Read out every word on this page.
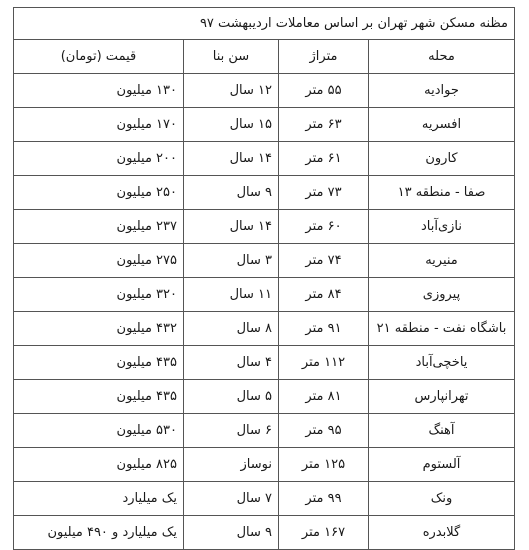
مظنه مسکن شهر تهران بر اساس معاملات اردیبهشت ۹۷			
محله	متراژ	سن بنا	قیمت (تومان)
جوادیه	۵۵ متر	۱۲ سال	۱۳۰ میلیون
افسریه	۶۳ متر	۱۵ سال	۱۷۰ میلیون
کارون	۶۱ متر	۱۴ سال	۲۰۰ میلیون
صفا - منطقه ۱۳	۷۳ متر	۹ سال	۲۵۰ میلیون
نازی‌آباد	۶۰ متر	۱۴ سال	۲۳۷ میلیون
منیریه	۷۴ متر	۳ سال	۲۷۵ میلیون
پیروزی	۸۴ متر	۱۱ سال	۳۲۰ میلیون
باشگاه نفت - منطقه ۲۱	۹۱ متر	۸ سال	۴۳۲ میلیون
یاخچی‌آباد	۱۱۲ متر	۴ سال	۴۳۵ میلیون
تهرانپارس	۸۱ متر	۵ سال	۴۳۵ میلیون
آهنگ	۹۵ متر	۶ سال	۵۳۰ میلیون
آلستوم	۱۲۵ متر	نوساز	۸۲۵ میلیون
ونک	۹۹ متر	۷ سال	یک میلیارد
گلابدره	۱۶۷ متر	۹ سال	یک میلیارد و ۴۹۰ میلیون
